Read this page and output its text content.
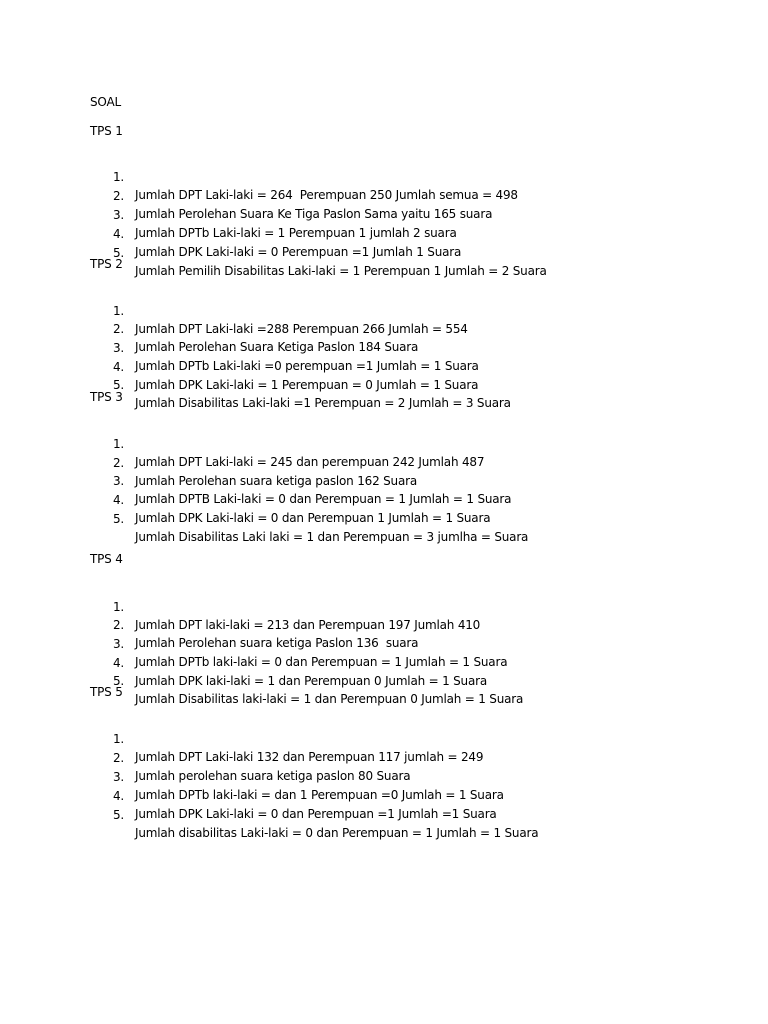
SOAL
TPS 1

1.

Jumlah DPT Laki-laki = 264  Perempuan 250 Jumlah semua = 498

2.

Jumlah Perolehan Suara Ke Tiga Paslon Sama yaitu 165 suara

3.

Jumlah DPTb Laki-laki = 1 Perempuan 1 jumlah 2 suara

4.

Jumlah DPK Laki-laki = 0 Perempuan =1 Jumlah 1 Suara

5.

Jumlah Pemilih Disabilitas Laki-laki = 1 Perempuan 1 Jumlah = 2 Suara

TPS 2

1.

Jumlah DPT Laki-laki =288 Perempuan 266 Jumlah = 554

2.

Jumlah Perolehan Suara Ketiga Paslon 184 Suara

3.

Jumlah DPTb Laki-laki =0 perempuan =1 Jumlah = 1 Suara

4.

Jumlah DPK Laki-laki = 1 Perempuan = 0 Jumlah = 1 Suara

5.

Jumlah Disabilitas Laki-laki =1 Perempuan = 2 Jumlah = 3 Suara

TPS 3

1.

Jumlah DPT Laki-laki = 245 dan perempuan 242 Jumlah 487

2.

Jumlah Perolehan suara ketiga paslon 162 Suara

3.

Jumlah DPTB Laki-laki = 0 dan Perempuan = 1 Jumlah = 1 Suara

4.

Jumlah DPK Laki-laki = 0 dan Perempuan 1 Jumlah = 1 Suara

5.

Jumlah Disabilitas Laki laki = 1 dan Perempuan = 3 jumlha = Suara

TPS 4

1.

Jumlah DPT laki-laki = 213 dan Perempuan 197 Jumlah 410

2.

Jumlah Perolehan suara ketiga Paslon 136  suara

3.

Jumlah DPTb laki-laki = 0 dan Perempuan = 1 Jumlah = 1 Suara

4.

Jumlah DPK laki-laki = 1 dan Perempuan 0 Jumlah = 1 Suara

5.

Jumlah Disabilitas laki-laki = 1 dan Perempuan 0 Jumlah = 1 Suara

TPS 5

1.

Jumlah DPT Laki-laki 132 dan Perempuan 117 jumlah = 249

2.

Jumlah perolehan suara ketiga paslon 80 Suara

3.

Jumlah DPTb laki-laki = dan 1 Perempuan =0 Jumlah = 1 Suara

4.

Jumlah DPK Laki-laki = 0 dan Perempuan =1 Jumlah =1 Suara

5.

Jumlah disabilitas Laki-laki = 0 dan Perempuan = 1 Jumlah = 1 Suara
